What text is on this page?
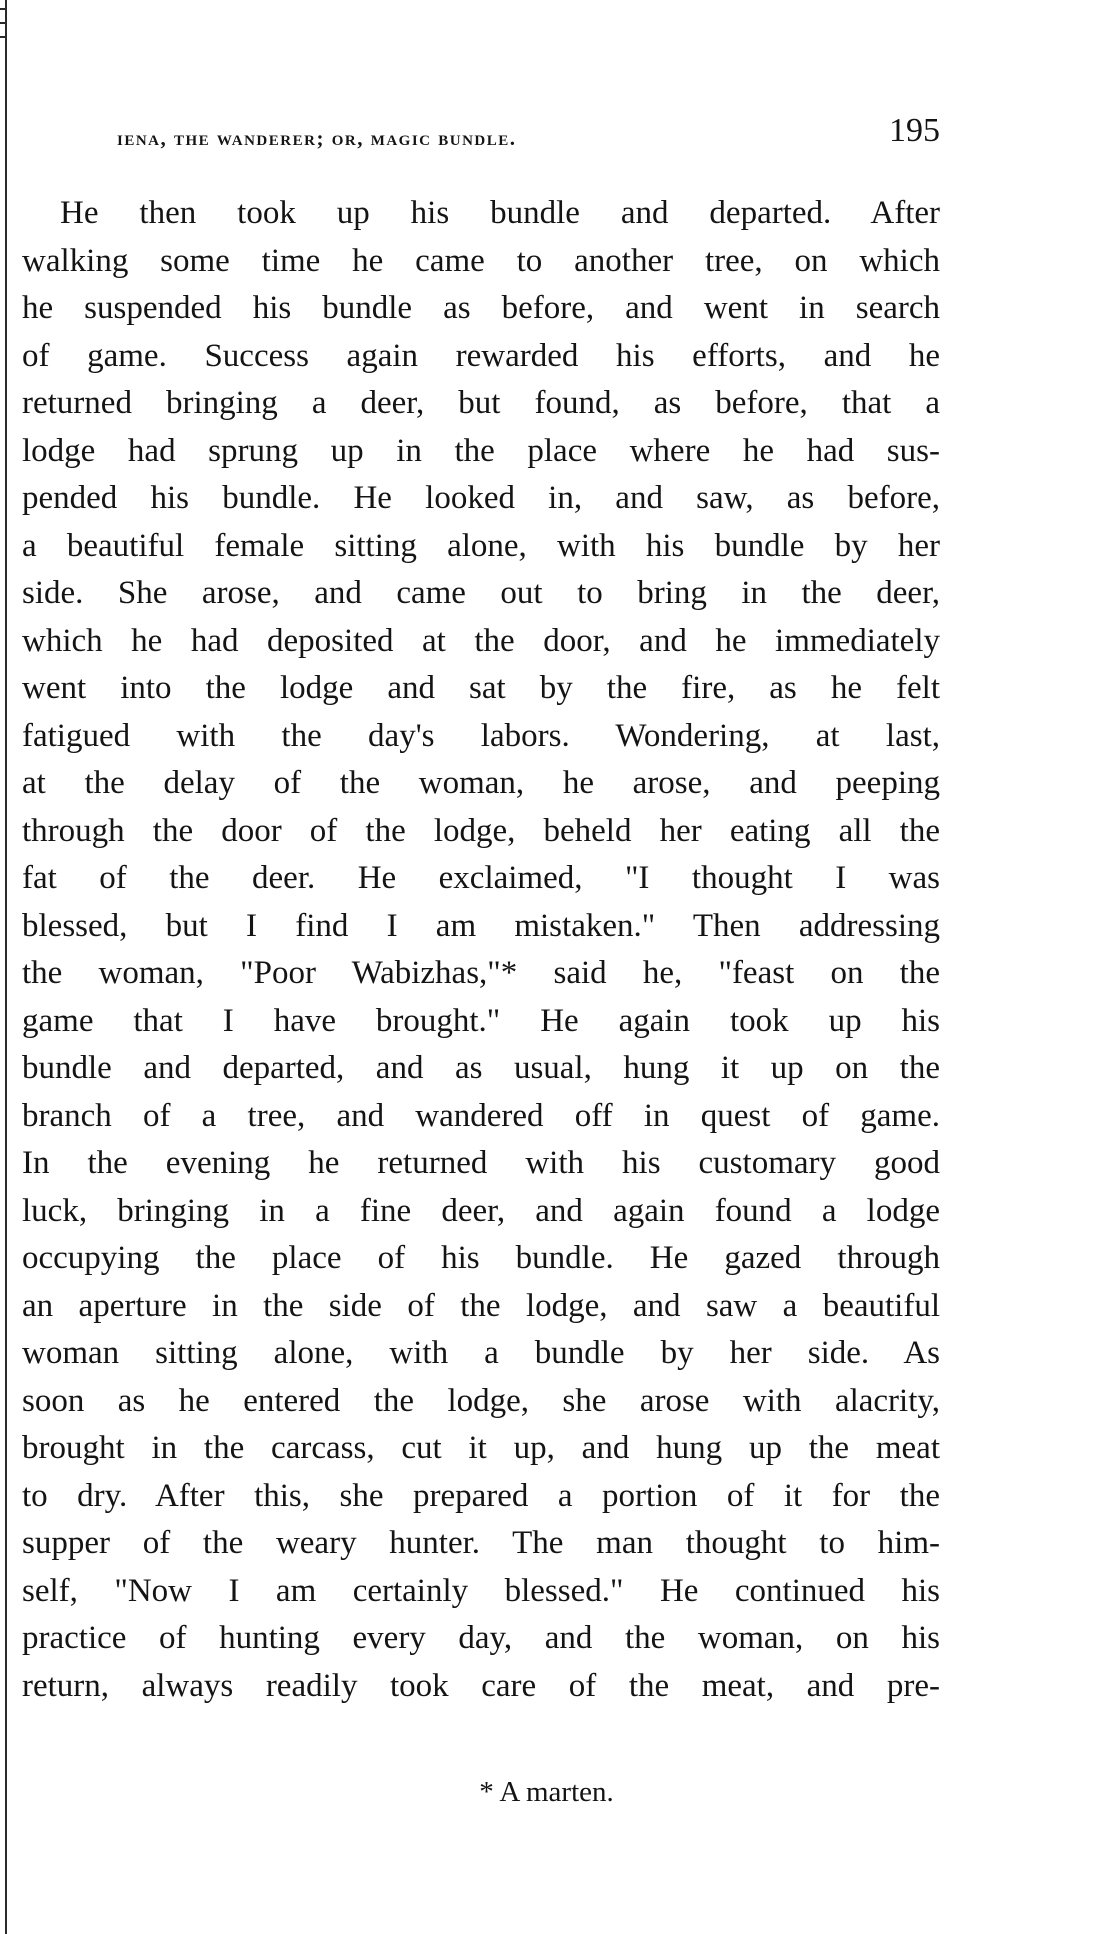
iena, the wanderer; or, magic bundle.	195
He then took up his bundle and departed. After
walking some time he came to another tree, on which
he suspended his bundle as before, and went in search
of game. Success again rewarded his efforts, and he
returned bringing a deer, but found, as before, that a
lodge had sprung up in the place where he had sus-
pended his bundle. He looked in, and saw, as before,
a beautiful female sitting alone, with his bundle by her
side. She arose, and came out to bring in the deer,
which he had deposited at the door, and he immediately
went into the lodge and sat by the fire, as he felt
fatigued with the day's labors. Wondering, at last,
at the delay of the woman, he arose, and peeping
through the door of the lodge, beheld her eating all the
fat of the deer. He exclaimed, "I thought I was
blessed, but I find I am mistaken." Then addressing
the woman, "Poor Wabizhas,"* said he, "feast on the
game that I have brought." He again took up his
bundle and departed, and as usual, hung it up on the
branch of a tree, and wandered off in quest of game.
In the evening he returned with his customary good
luck, bringing in a fine deer, and again found a lodge
occupying the place of his bundle. He gazed through
an aperture in the side of the lodge, and saw a beautiful
woman sitting alone, with a bundle by her side. As
soon as he entered the lodge, she arose with alacrity,
brought in the carcass, cut it up, and hung up the meat
to dry. After this, she prepared a portion of it for the
supper of the weary hunter. The man thought to him-
self, "Now I am certainly blessed." He continued his
practice of hunting every day, and the woman, on his
return, always readily took care of the meat, and pre-
* A marten.
